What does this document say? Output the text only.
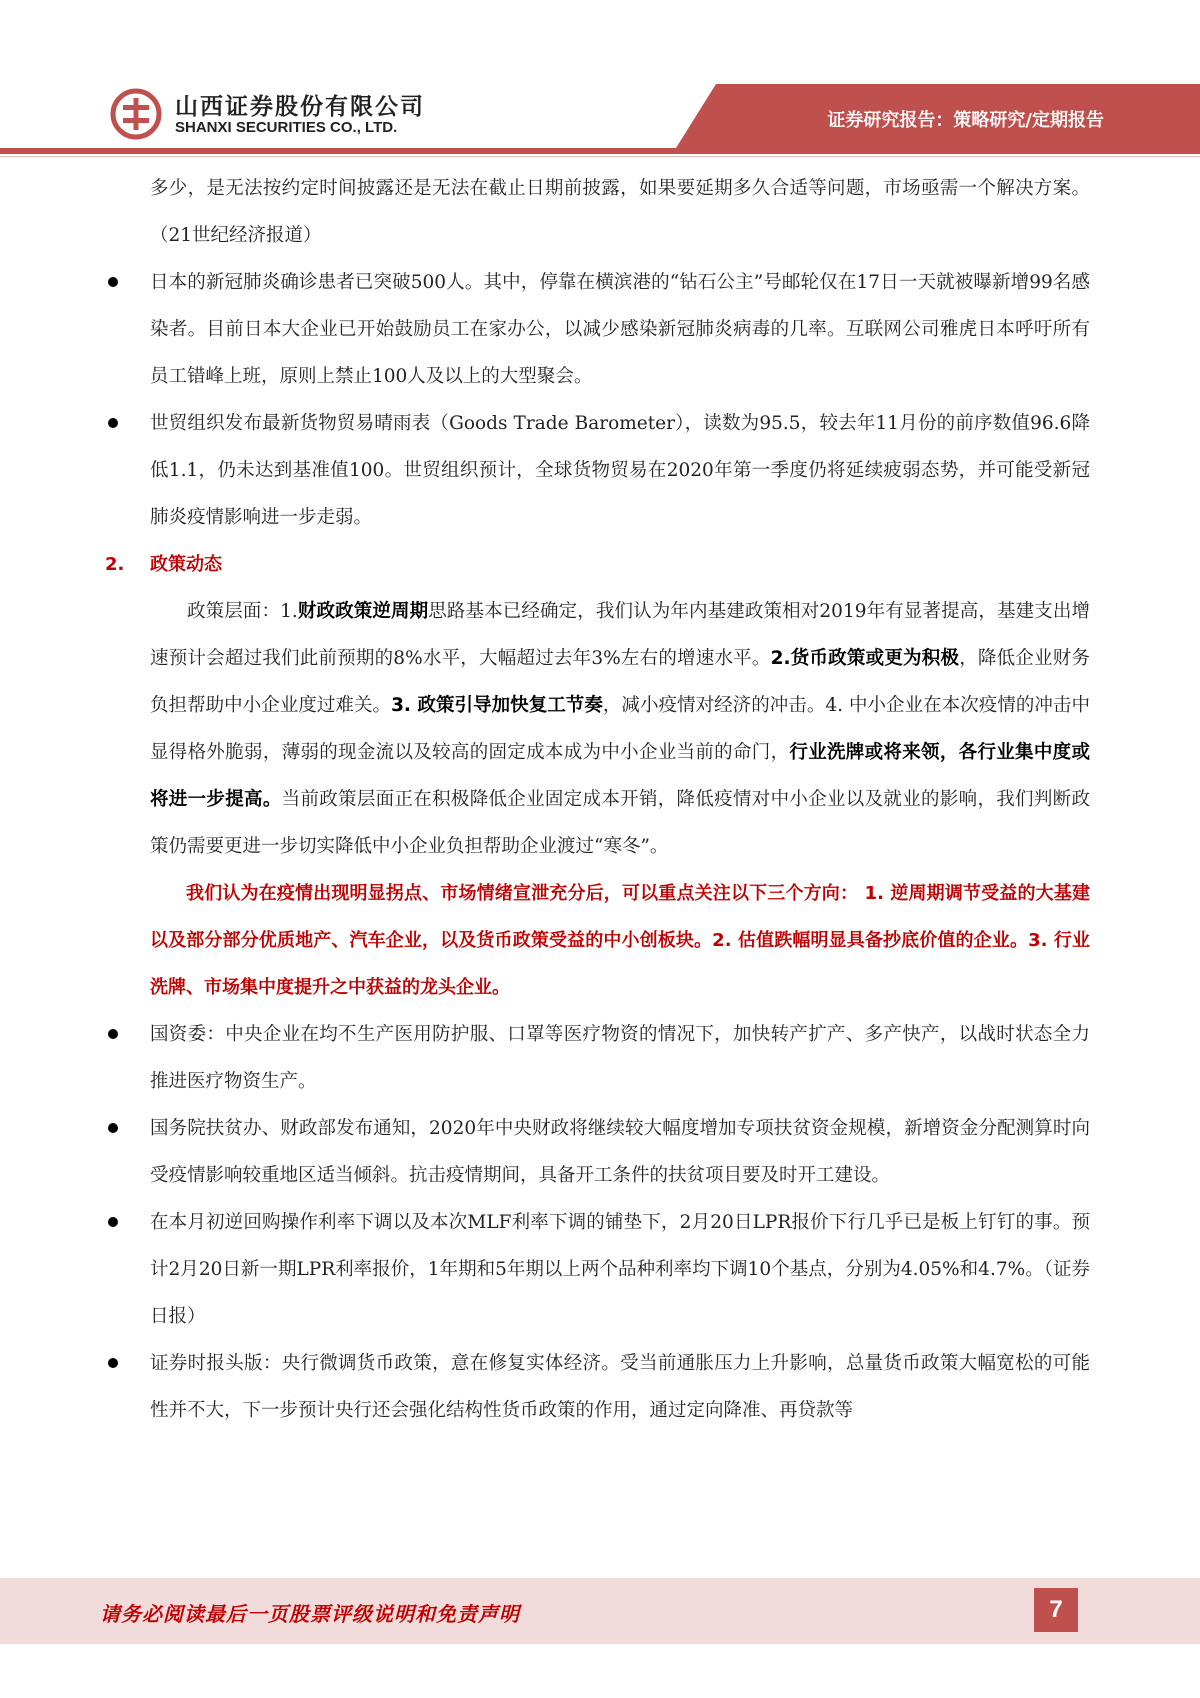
山西证券股份有限公司
SHANXI SECURITIES CO., LTD.	证券研究报告：策略研究/定期报告

多少，是无法按约定时间披露还是无法在截止日期前披露，如果要延期多久合适等问题，市场亟需一个解决方案。（21世纪经济报道）

日本的新冠肺炎确诊患者已突破500人。其中，停靠在横滨港的“钻石公主”号邮轮仅在17日一天就被曝新增99名感染者。目前日本大企业已开始鼓励员工在家办公，以减少感染新冠肺炎病毒的几率。互联网公司雅虎日本呼吁所有员工错峰上班，原则上禁止100人及以上的大型聚会。

世贸组织发布最新货物贸易晴雨表（Goods Trade Barometer），读数为95.5，较去年11月份的前序数值96.6降低1.1，仍未达到基准值100。世贸组织预计，全球货物贸易在2020年第一季度仍将延续疲弱态势，并可能受新冠肺炎疫情影响进一步走弱。

2. 政策动态

政策层面：1.财政政策逆周期思路基本已经确定，我们认为年内基建政策相对2019年有显著提高，基建支出增速预计会超过我们此前预期的8%水平，大幅超过去年3%左右的增速水平。2.货币政策或更为积极，降低企业财务负担帮助中小企业度过难关。3. 政策引导加快复工节奏，减小疫情对经济的冲击。4. 中小企业在本次疫情的冲击中显得格外脆弱，薄弱的现金流以及较高的固定成本成为中小企业当前的命门，行业洗牌或将来领，各行业集中度或将进一步提高。当前政策层面正在积极降低企业固定成本开销，降低疫情对中小企业以及就业的影响，我们判断政策仍需要更进一步切实降低中小企业负担帮助企业渡过“寒冬”。

我们认为在疫情出现明显拐点、市场情绪宣泄充分后，可以重点关注以下三个方向： 1. 逆周期调节受益的大基建以及部分部分优质地产、汽车企业，以及货币政策受益的中小创板块。2. 估值跌幅明显具备抄底价值的企业。3. 行业洗牌、市场集中度提升之中获益的龙头企业。

国资委：中央企业在均不生产医用防护服、口罩等医疗物资的情况下，加快转产扩产、多产快产，以战时状态全力推进医疗物资生产。

国务院扶贫办、财政部发布通知，2020年中央财政将继续较大幅度增加专项扶贫资金规模，新增资金分配测算时向受疫情影响较重地区适当倾斜。抗击疫情期间，具备开工条件的扶贫项目要及时开工建设。

在本月初逆回购操作利率下调以及本次MLF利率下调的铺垫下，2月20日LPR报价下行几乎已是板上钉钉的事。预计2月20日新一期LPR利率报价，1年期和5年期以上两个品种利率均下调10个基点，分别为4.05%和4.7%。（证券日报）

证券时报头版：央行微调货币政策，意在修复实体经济。受当前通胀压力上升影响，总量货币政策大幅宽松的可能性并不大，下一步预计央行还会强化结构性货币政策的作用，通过定向降准、再贷款等

请务必阅读最后一页股票评级说明和免责声明	7
